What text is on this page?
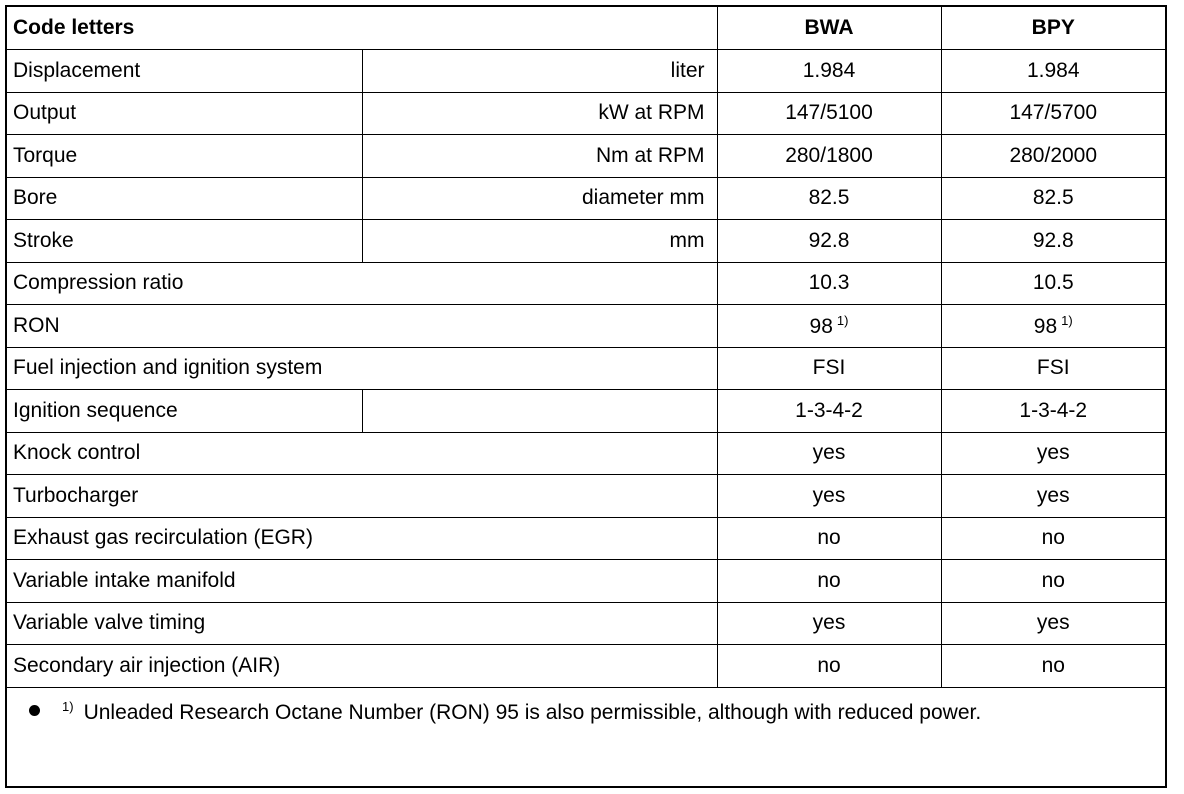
Code letters		BWA	BPY
Displacement	liter	1.984	1.984
Output	kW at RPM	147/5100	147/5700
Torque	Nm at RPM	280/1800	280/2000
Bore	diameter mm	82.5	82.5
Stroke	mm	92.8	92.8
Compression ratio		10.3	10.5
RON		98 $^{1)}$	98 $^{1)}$
Fuel injection and ignition system		FSI	FSI
Ignition sequence		1-3-4-2	1-3-4-2
Knock control		yes	yes
Turbocharger		yes	yes
Exhaust gas recirculation (EGR)		no	no
Variable intake manifold		no	no
Variable valve timing		yes	yes
Secondary air injection (AIR)		no	no
$^{1)}$ Unleaded Research Octane Number (RON) 95 is also permissible, although with reduced power.
